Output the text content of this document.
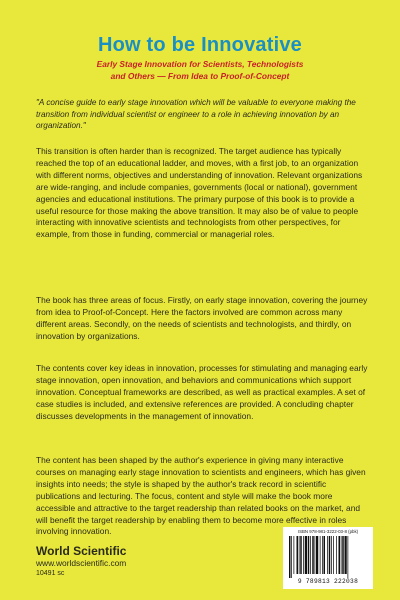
How to be Innovative
Early Stage Innovation for Scientists, Technologists
and Others — From Idea to Proof-of-Concept
"A concise guide to early stage innovation which will be valuable to everyone making the transition from individual scientist or engineer to a role in achieving innovation by an organization."
This transition is often harder than is recognized. The target audience has typically reached the top of an educational ladder, and moves, with a first job, to an organization with different norms, objectives and understanding of innovation. Relevant organizations are wide-ranging, and include companies, governments (local or national), government agencies and educational institutions. The primary purpose of this book is to provide a useful resource for those making the above transition. It may also be of value to people interacting with innovative scientists and technologists from other perspectives, for example, from those in funding, commercial or managerial roles.
The book has three areas of focus. Firstly, on early stage innovation, covering the journey from idea to Proof-of-Concept. Here the factors involved are common across many different areas. Secondly, on the needs of scientists and technologists, and thirdly, on innovation by organizations.
The contents cover key ideas in innovation, processes for stimulating and managing early stage innovation, open innovation, and behaviors and communications which support innovation. Conceptual frameworks are described, as well as practical examples. A set of case studies is included, and extensive references are provided. A concluding chapter discusses developments in the management of innovation.
The content has been shaped by the author's experience in giving many interactive courses on managing early stage innovation to scientists and engineers, which has given insights into needs; the style is shaped by the author's track record in scientific publications and lecturing. The focus, content and style will make the book more accessible and attractive to the target readership than related books on the market, and will benefit the target readership by enabling them to become more effective in roles involving innovation.
World Scientific
www.worldscientific.com
10491 sc
ISBN 978-981-3222-03-8 (pbk)
9 789813 222038
